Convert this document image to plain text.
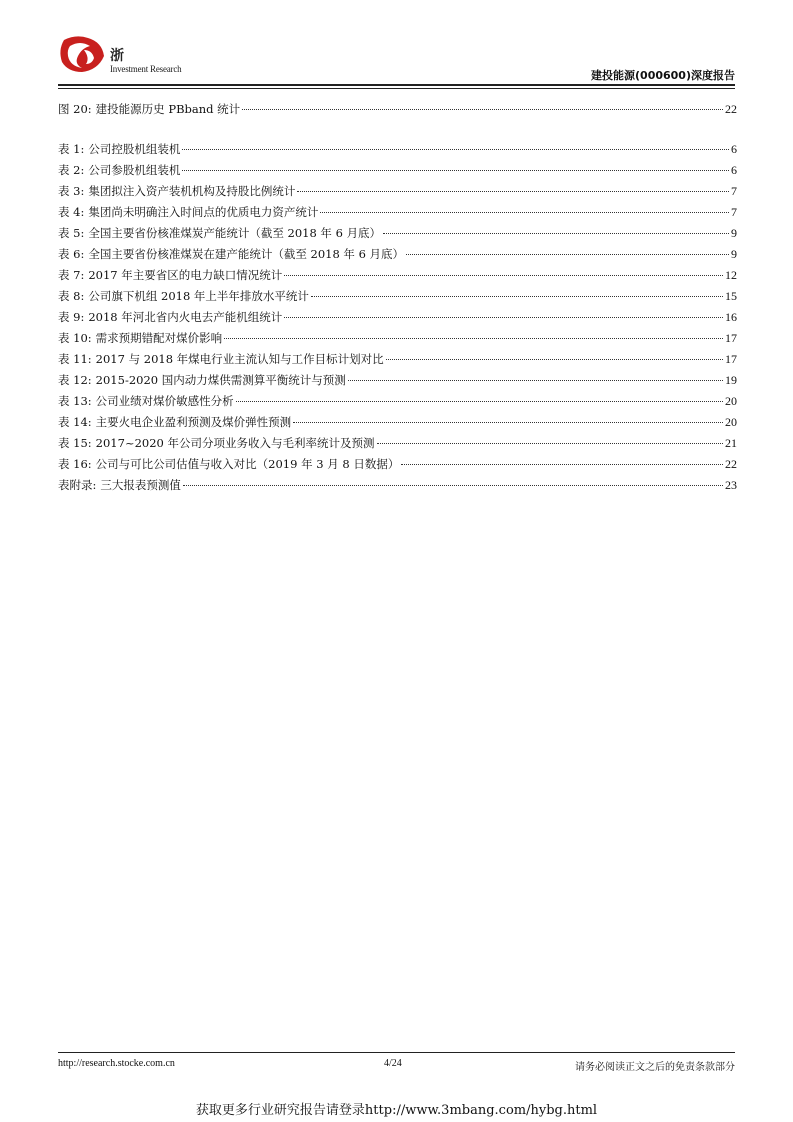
浙
Investment Research	建投能源(000600)深度报告
图 20: 建投能源历史 PBband 统计	22
表 1: 公司控股机组装机	6
表 2: 公司参股机组装机	6
表 3: 集团拟注入资产装机机构及持股比例统计	7
表 4: 集团尚未明确注入时间点的优质电力资产统计	7
表 5: 全国主要省份核准煤炭产能统计（截至 2018 年 6 月底）	9
表 6: 全国主要省份核准煤炭在建产能统计（截至 2018 年 6 月底）	9
表 7: 2017 年主要省区的电力缺口情况统计	12
表 8: 公司旗下机组 2018 年上半年排放水平统计	15
表 9: 2018 年河北省内火电去产能机组统计	16
表 10: 需求预期错配对煤价影响	17
表 11: 2017 与 2018 年煤电行业主流认知与工作目标计划对比	17
表 12: 2015-2020 国内动力煤供需测算平衡统计与预测	19
表 13: 公司业绩对煤价敏感性分析	20
表 14: 主要火电企业盈利预测及煤价弹性预测	20
表 15: 2017~2020 年公司分项业务收入与毛利率统计及预测	21
表 16: 公司与可比公司估值与收入对比（2019 年 3 月 8 日数据）	22
表附录: 三大报表预测值	23
http://research.stocke.com.cn	4/24	请务必阅读正文之后的免责条款部分
获取更多行业研究报告请登录http://www.3mbang.com/hybg.html
